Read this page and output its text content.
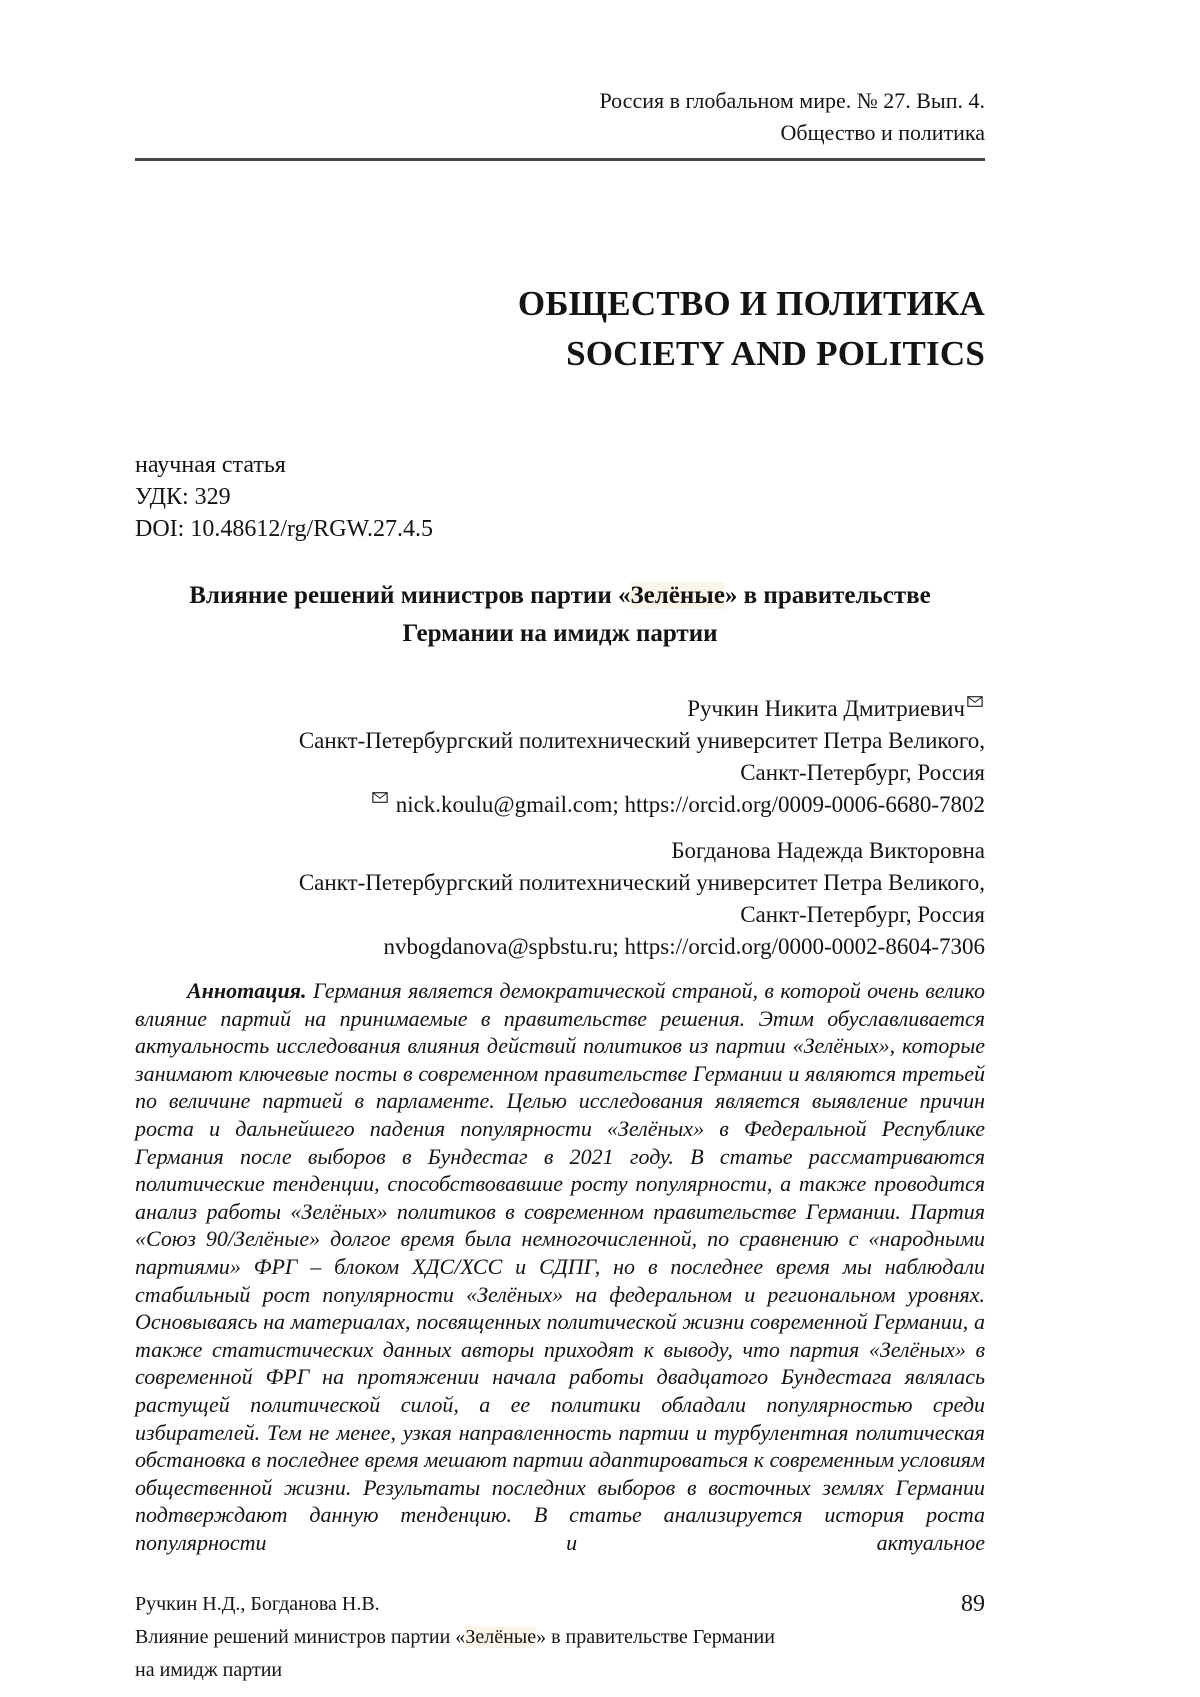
Россия в глобальном мире. № 27. Вып. 4.
Общество и политика
ОБЩЕСТВО И ПОЛИТИКА
SOCIETY AND POLITICS
научная статья
УДК: 329
DOI: 10.48612/rg/RGW.27.4.5
Влияние решений министров партии «Зелёные» в правительстве
Германии на имидж партии
Ручкин Никита Дмитриевич
Санкт-Петербургский политехнический университет Петра Великого,
Санкт-Петербург, Россия
nick.koulu@gmail.com; https://orcid.org/0009-0006-6680-7802
Богданова Надежда Викторовна
Санкт-Петербургский политехнический университет Петра Великого,
Санкт-Петербург, Россия
nvbogdanova@spbstu.ru; https://orcid.org/0000-0002-8604-7306

Аннотация. Германия является демократической страной, в которой очень велико влияние партий на принимаемые в правительстве решения. Этим обуславливается актуальность исследования влияния действий политиков из партии «Зелёных», которые занимают ключевые посты в современном правительстве Германии и являются третьей по величине партией в парламенте. Целью исследования является выявление причин роста и дальнейшего падения популярности «Зелёных» в Федеральной Республике Германия после выборов в Бундестаг в 2021 году. В статье рассматриваются политические тенденции, способствовавшие росту популярности, а также проводится анализ работы «Зелёных» политиков в современном правительстве Германии. Партия «Союз 90/Зелёные» долгое время была немногочисленной, по сравнению с «народными партиями» ФРГ – блоком ХДС/ХСС и СДПГ, но в последнее время мы наблюдали стабильный рост популярности «Зелёных» на федеральном и региональном уровнях. Основываясь на материалах, посвященных политической жизни современной Германии, а также статистических данных авторы приходят к выводу, что партия «Зелёных» в современной ФРГ на протяжении начала работы двадцатого Бундестага являлась растущей политической силой, а ее политики обладали популярностью среди избирателей. Тем не менее, узкая направленность партии и турбулентная политическая обстановка в последнее время мешают партии адаптироваться к современным условиям общественной жизни. Результаты последних выборов в восточных землях Германии подтверждают данную тенденцию. В статье анализируется история роста популярности и актуальное

Ручкин Н.Д., Богданова Н.В.
Влияние решений министров партии «Зелёные» в правительстве Германии
на имидж партии
89
